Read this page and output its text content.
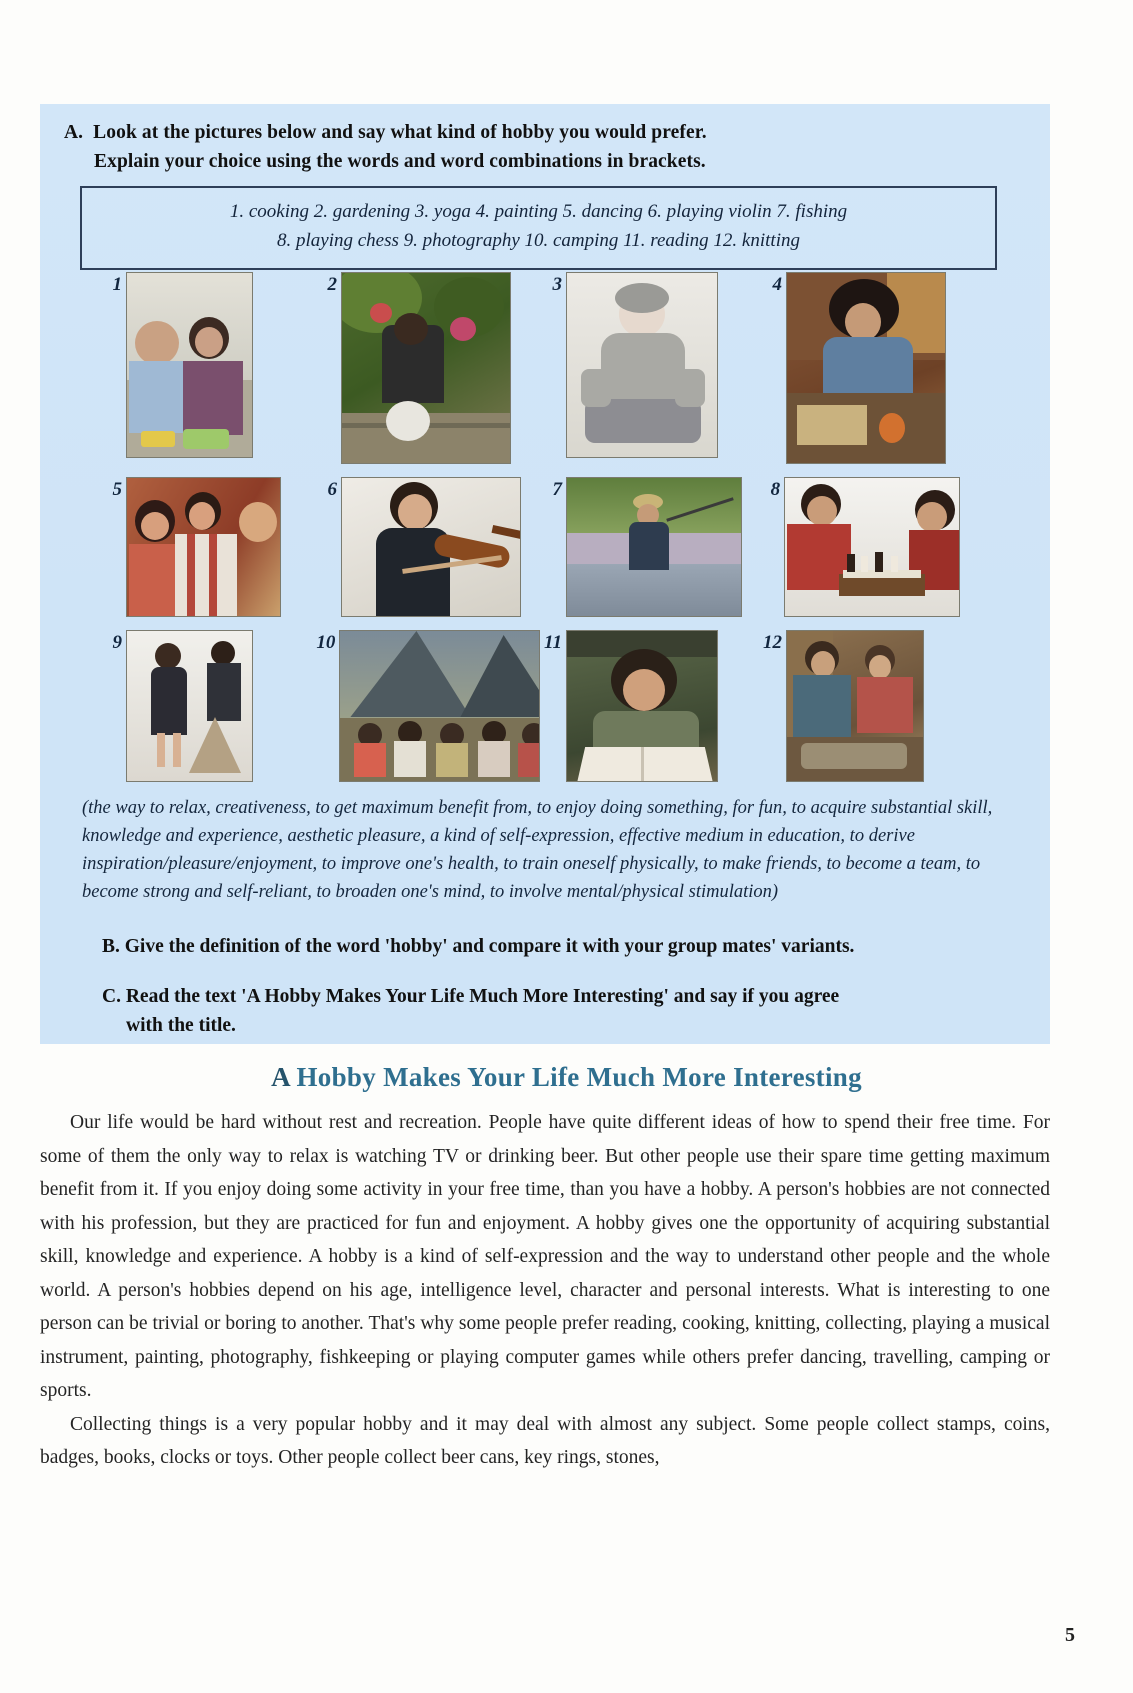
A. Look at the pictures below and say what kind of hobby you would prefer.
Explain your choice using the words and word combinations in brackets.
1. cooking 2. gardening 3. yoga 4. painting 5. dancing 6. playing violin 7. fishing
8. playing chess 9. photography 10. camping 11. reading 12. knitting
1	2	3	4
5	6	7	8
9	10	11	12
(the way to relax, creativeness, to get maximum benefit from, to enjoy doing something, for fun, to acquire substantial skill, knowledge and experience, aesthetic pleasure, a kind of self-expression, effective medium in education, to derive inspiration/pleasure/enjoyment, to improve one's health, to train oneself physically, to make friends, to become a team, to become strong and self-reliant, to broaden one's mind, to involve mental/physical stimulation)
B. Give the definition of the word 'hobby' and compare it with your group mates' variants.
C. Read the text 'A Hobby Makes Your Life Much More Interesting' and say if you agree
with the title.
A Hobby Makes Your Life Much More Interesting

Our life would be hard without rest and recreation. People have quite different ideas of how to spend their free time. For some of them the only way to relax is watching TV or drinking beer. But other people use their spare time getting maximum benefit from it. If you enjoy doing some activity in your free time, than you have a hobby. A person's hobbies are not connected with his profession, but they are practiced for fun and enjoyment. A hobby gives one the opportunity of acquiring substantial skill, knowledge and experience. A hobby is a kind of self-expression and the way to understand other people and the whole world. A person's hobbies depend on his age, intelligence level, character and personal interests. What is interesting to one person can be trivial or boring to another. That's why some people prefer reading, cooking, knitting, collecting, playing a musical instrument, painting, photography, fishkeeping or playing computer games while others prefer dancing, travelling, camping or sports.

Collecting things is a very popular hobby and it may deal with almost any subject. Some people collect stamps, coins, badges, books, clocks or toys. Other people collect beer cans, key rings, stones,

5
